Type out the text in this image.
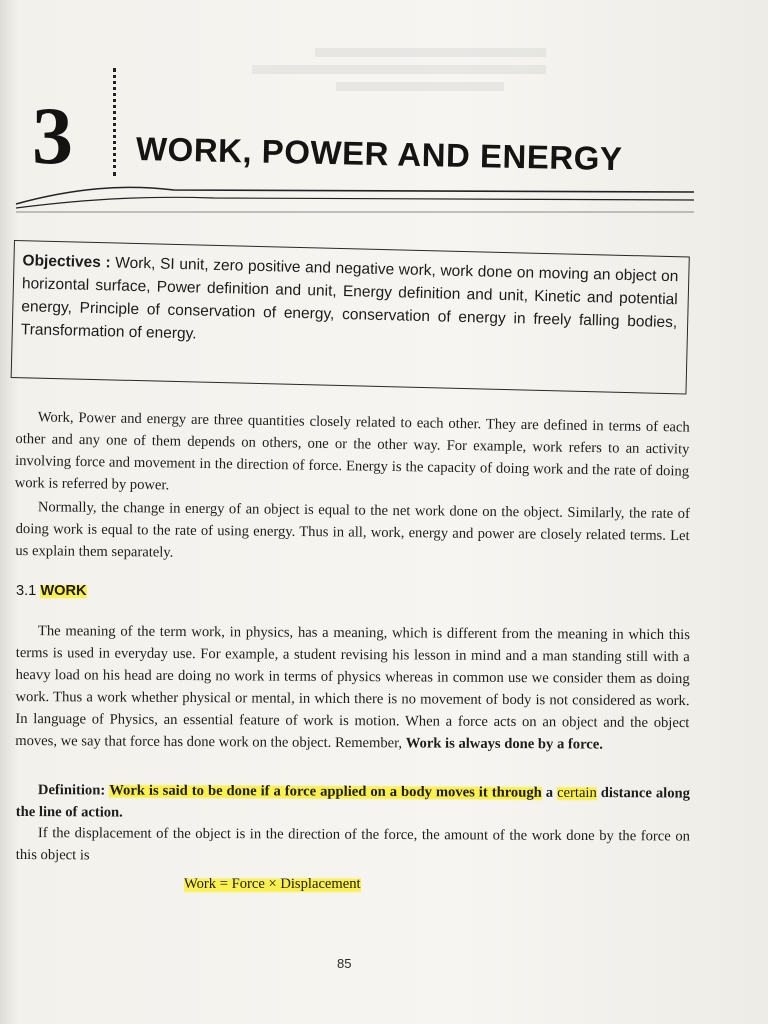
3 WORK, POWER AND ENERGY

Objectives : Work, SI unit, zero positive and negative work, work done on moving an object on horizontal surface, Power definition and unit, Energy definition and unit, Kinetic and potential energy, Principle of conservation of energy, conservation of energy in freely falling bodies, Transformation of energy.

Work, Power and energy are three quantities closely related to each other. They are defined in terms of each other and any one of them depends on others, one or the other way. For example, work refers to an activity involving force and movement in the direction of force. Energy is the capacity of doing work and the rate of doing work is referred by power.

Normally, the change in energy of an object is equal to the net work done on the object. Similarly, the rate of doing work is equal to the rate of using energy. Thus in all, work, energy and power are closely related terms. Let us explain them separately.

3.1 WORK

The meaning of the term work, in physics, has a meaning, which is different from the meaning in which this terms is used in everyday use. For example, a student revising his lesson in mind and a man standing still with a heavy load on his head are doing no work in terms of physics whereas in common use we consider them as doing work. Thus a work whether physical or mental, in which there is no movement of body is not considered as work. In language of Physics, an essential feature of work is motion. When a force acts on an object and the object moves, we say that force has done work on the object. Remember, Work is always done by a force.

Definition: Work is said to be done if a force applied on a body moves it through a certain distance along the line of action.

If the displacement of the object is in the direction of the force, the amount of the work done by the force on this object is

Work = Force × Displacement
85
